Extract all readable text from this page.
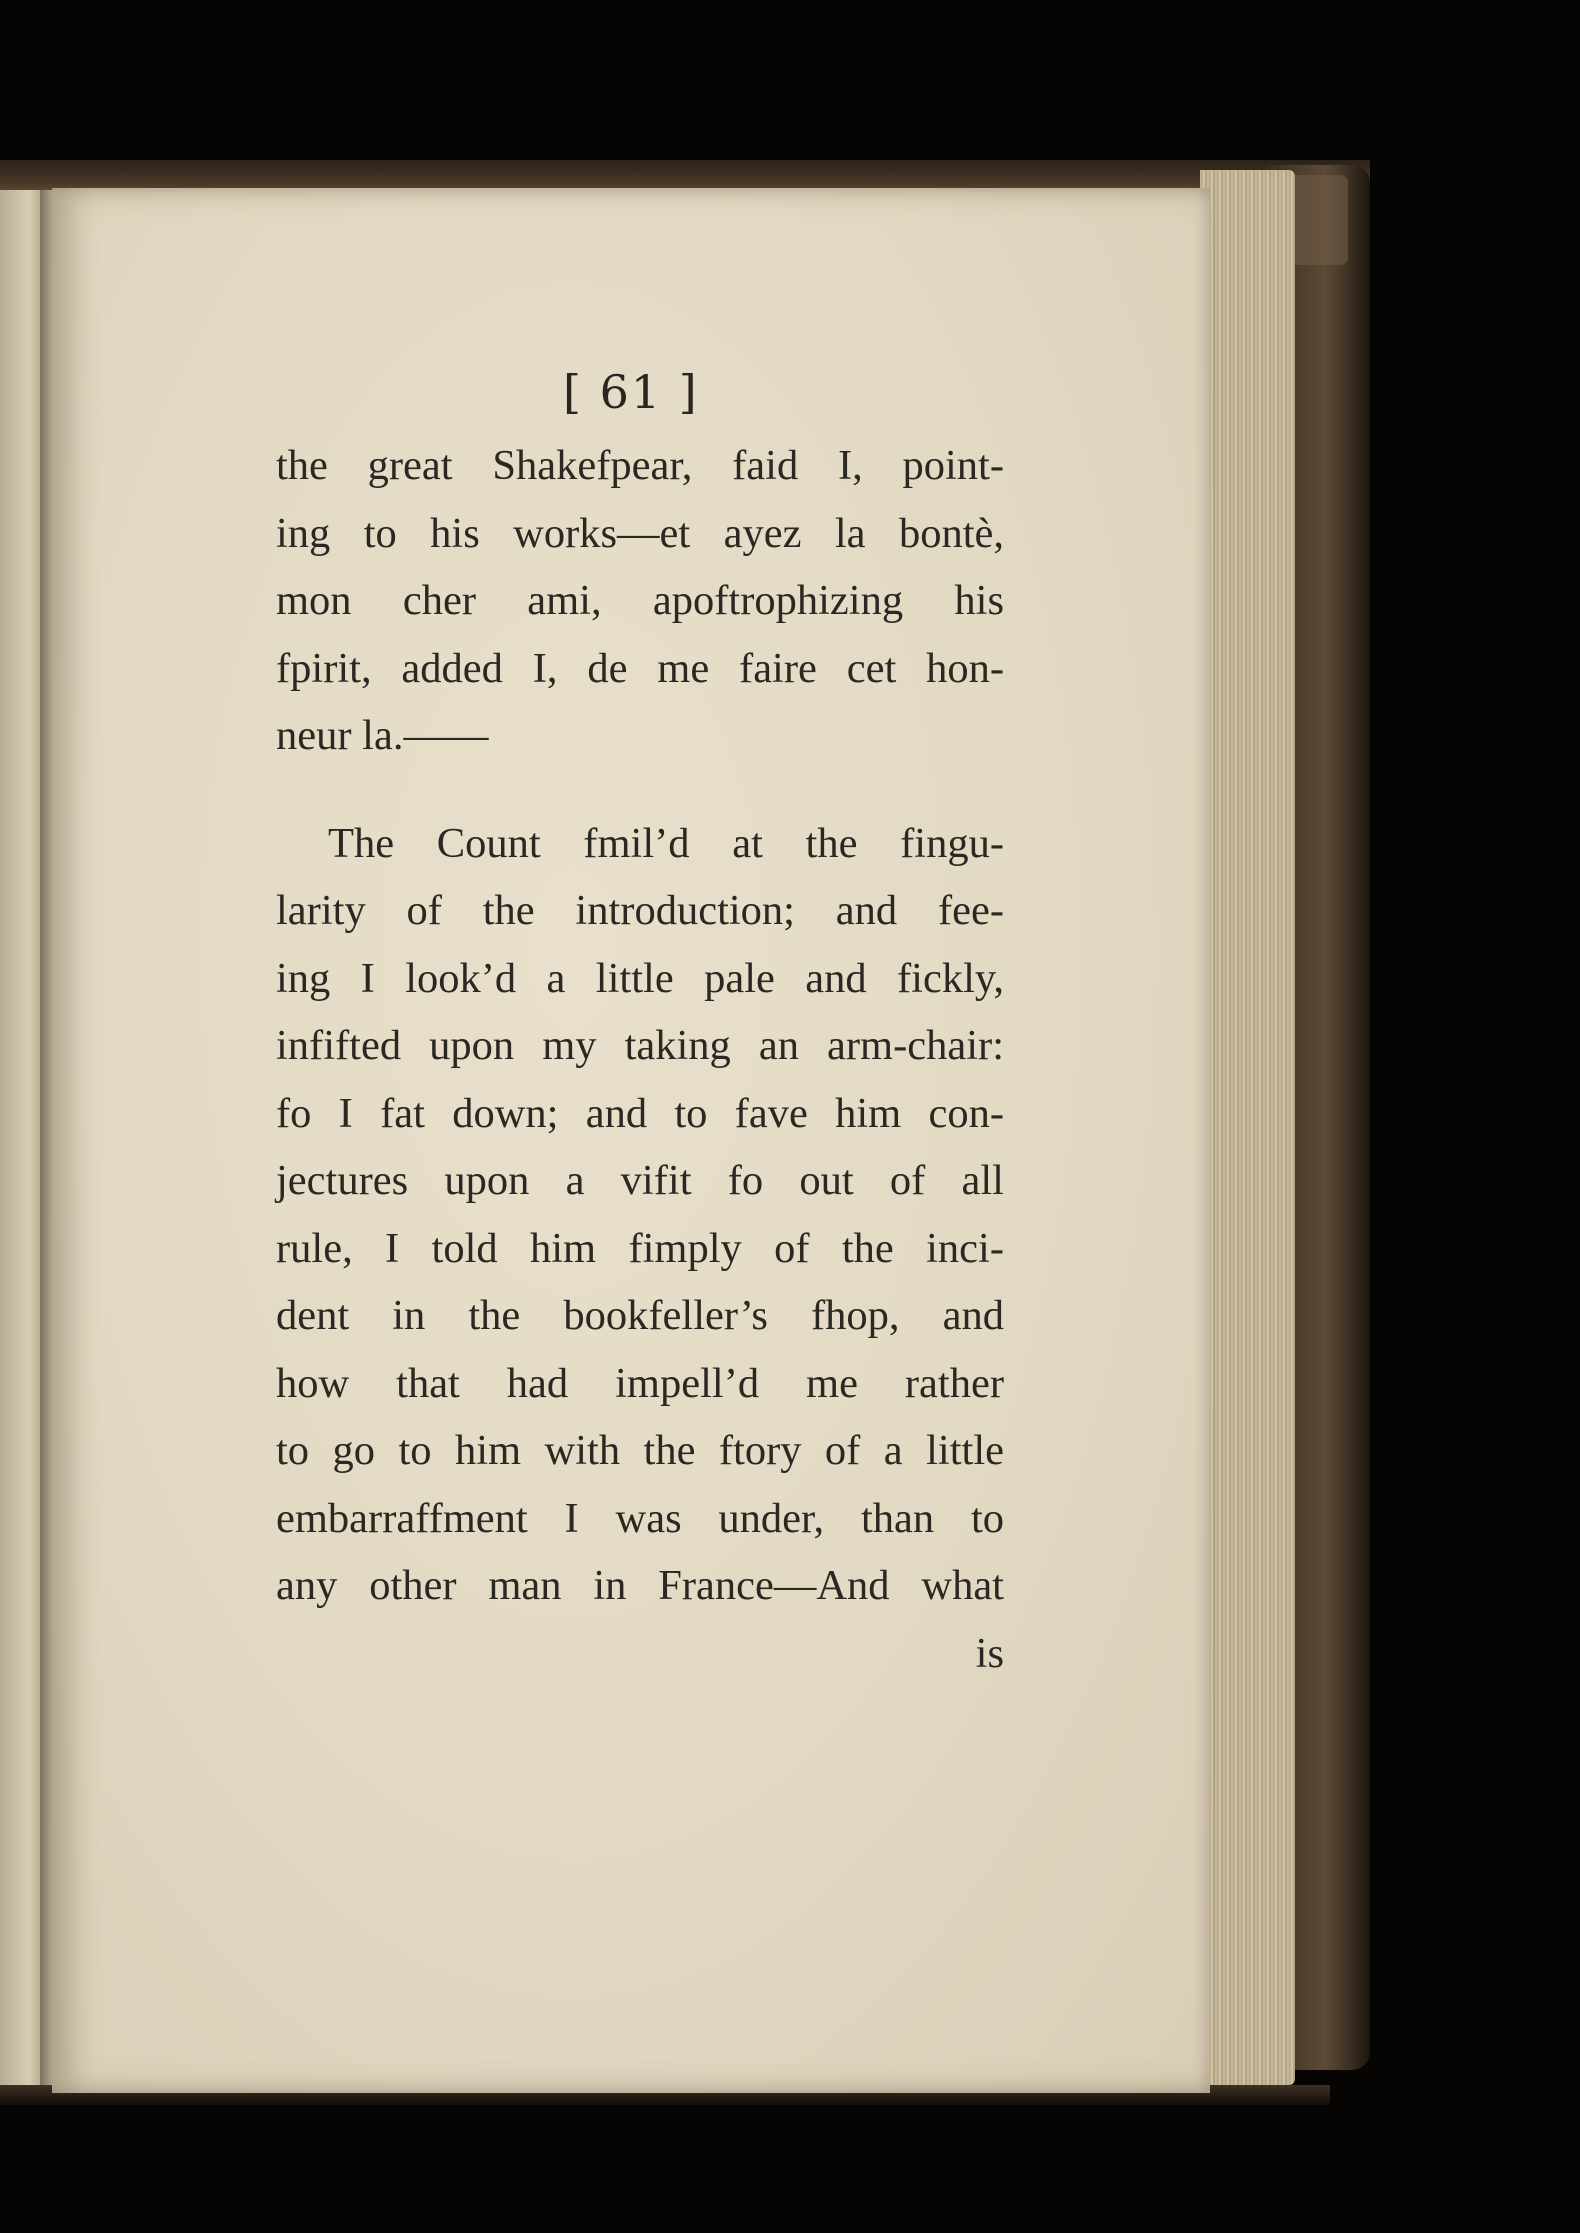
[ 61 ]
the great Shakefpear, faid I, point-
ing to his works—et ayez la bontè,
mon cher ami, apoftrophizing his
fpirit, added I, de me faire cet hon-
neur la.——
The Count fmil’d at the fingu-
larity of the introduction; and fee-
ing I look’d a little pale and fickly,
infifted upon my taking an arm-chair:
fo I fat down; and to fave him con-
jectures upon a vifit fo out of all
rule, I told him fimply of the inci-
dent in the bookfeller’s fhop, and
how that had impell’d me rather
to go to him with the ftory of a little
embarraffment I was under, than to
any other man in France—And what
is
